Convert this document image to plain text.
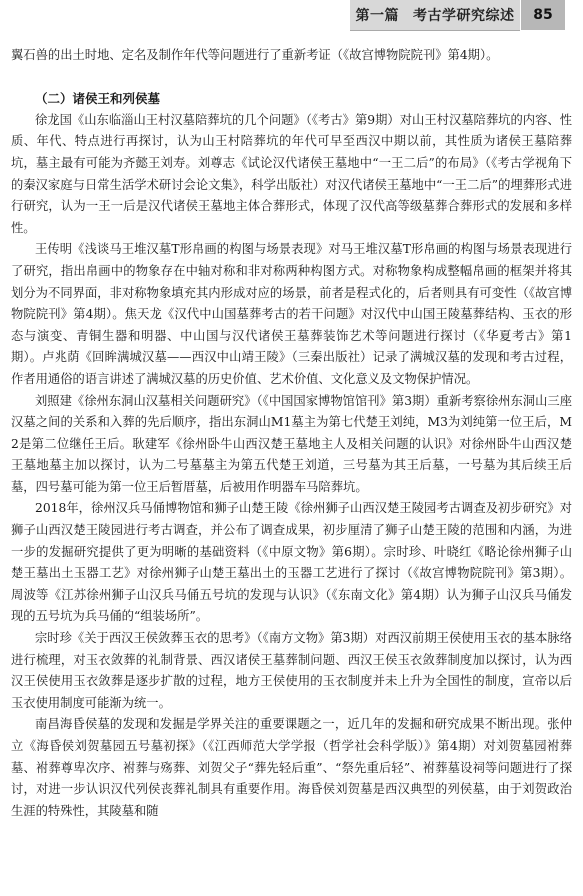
第一篇 考古学研究综述	85

翼石兽的出土时地、定名及制作年代等问题进行了重新考证（《故宫博物院院刊》第4期）。

（二）诸侯王和列侯墓

徐龙国《山东临淄山王村汉墓陪葬坑的几个问题》（《考古》第9期）对山王村汉墓陪葬坑的内容、性质、年代、特点进行再探讨，认为山王村陪葬坑的年代可早至西汉中期以前，其性质为诸侯王墓陪葬坑，墓主最有可能为齐懿王刘寿。刘尊志《试论汉代诸侯王墓地中“一王二后”的布局》（《考古学视角下的秦汉家庭与日常生活学术研讨会论文集》，科学出版社）对汉代诸侯王墓地中“一王二后”的埋葬形式进行研究，认为一王一后是汉代诸侯王墓地主体合葬形式，体现了汉代高等级墓葬合葬形式的发展和多样性。

王传明《浅谈马王堆汉墓T形帛画的构图与场景表现》对马王堆汉墓T形帛画的构图与场景表现进行了研究，指出帛画中的物象存在中轴对称和非对称两种构图方式。对称物象构成整幅帛画的框架并将其划分为不同界面，非对称物象填充其内形成对应的场景，前者是程式化的，后者则具有可变性（《故宫博物院院刊》第4期）。焦天龙《汉代中山国墓葬考古的若干问题》对汉代中山国王陵墓葬结构、玉衣的形态与演变、青铜生器和明器、中山国与汉代诸侯王墓葬装饰艺术等问题进行探讨（《华夏考古》第1期）。卢兆荫《回眸满城汉墓——西汉中山靖王陵》（三秦出版社）记录了满城汉墓的发现和考古过程，作者用通俗的语言讲述了满城汉墓的历史价值、艺术价值、文化意义及文物保护情况。

刘照建《徐州东洞山汉墓相关问题研究》（《中国国家博物馆馆刊》第3期）重新考察徐州东洞山三座汉墓之间的关系和入葬的先后顺序，指出东洞山M1墓主为第七代楚王刘纯，M3为刘纯第一位王后，M2是第二位继任王后。耿建军《徐州卧牛山西汉楚王墓地主人及相关问题的认识》对徐州卧牛山西汉楚王墓地墓主加以探讨，认为二号墓墓主为第五代楚王刘道，三号墓为其王后墓，一号墓为其后续王后墓，四号墓可能为第一位王后暂厝墓，后被用作明器车马陪葬坑。

2018年，徐州汉兵马俑博物馆和狮子山楚王陵《徐州狮子山西汉楚王陵园考古调查及初步研究》对狮子山西汉楚王陵园进行考古调查，并公布了调查成果，初步厘清了狮子山楚王陵的范围和内涵，为进一步的发掘研究提供了更为明晰的基础资料（《中原文物》第6期）。宗时珍、叶晓红《略论徐州狮子山楚王墓出土玉器工艺》对徐州狮子山楚王墓出土的玉器工艺进行了探讨（《故宫博物院院刊》第3期）。周波等《江苏徐州狮子山汉兵马俑五号坑的发现与认识》（《东南文化》第4期）认为狮子山汉兵马俑发现的五号坑为兵马俑的“组装场所”。

宗时珍《关于西汉王侯敛葬玉衣的思考》（《南方文物》第3期）对西汉前期王侯使用玉衣的基本脉络进行梳理，对玉衣敛葬的礼制背景、西汉诸侯王墓葬制问题、西汉王侯玉衣敛葬制度加以探讨，认为西汉王侯使用玉衣敛葬是逐步扩散的过程，地方王侯使用的玉衣制度并未上升为全国性的制度，宣帝以后玉衣使用制度可能渐为统一。

南昌海昏侯墓的发现和发掘是学界关注的重要课题之一，近几年的发掘和研究成果不断出现。张仲立《海昏侯刘贺墓园五号墓初探》（《江西师范大学学报（哲学社会科学版）》第4期）对刘贺墓园袝葬墓、袝葬尊卑次序、袝葬与殇葬、刘贺父子“葬先轻后重”、“祭先重后轻”、袝葬墓设祠等问题进行了探讨，对进一步认识汉代列侯丧葬礼制具有重要作用。海昏侯刘贺墓是西汉典型的列侯墓，由于刘贺政治生涯的特殊性，其陵墓和随
